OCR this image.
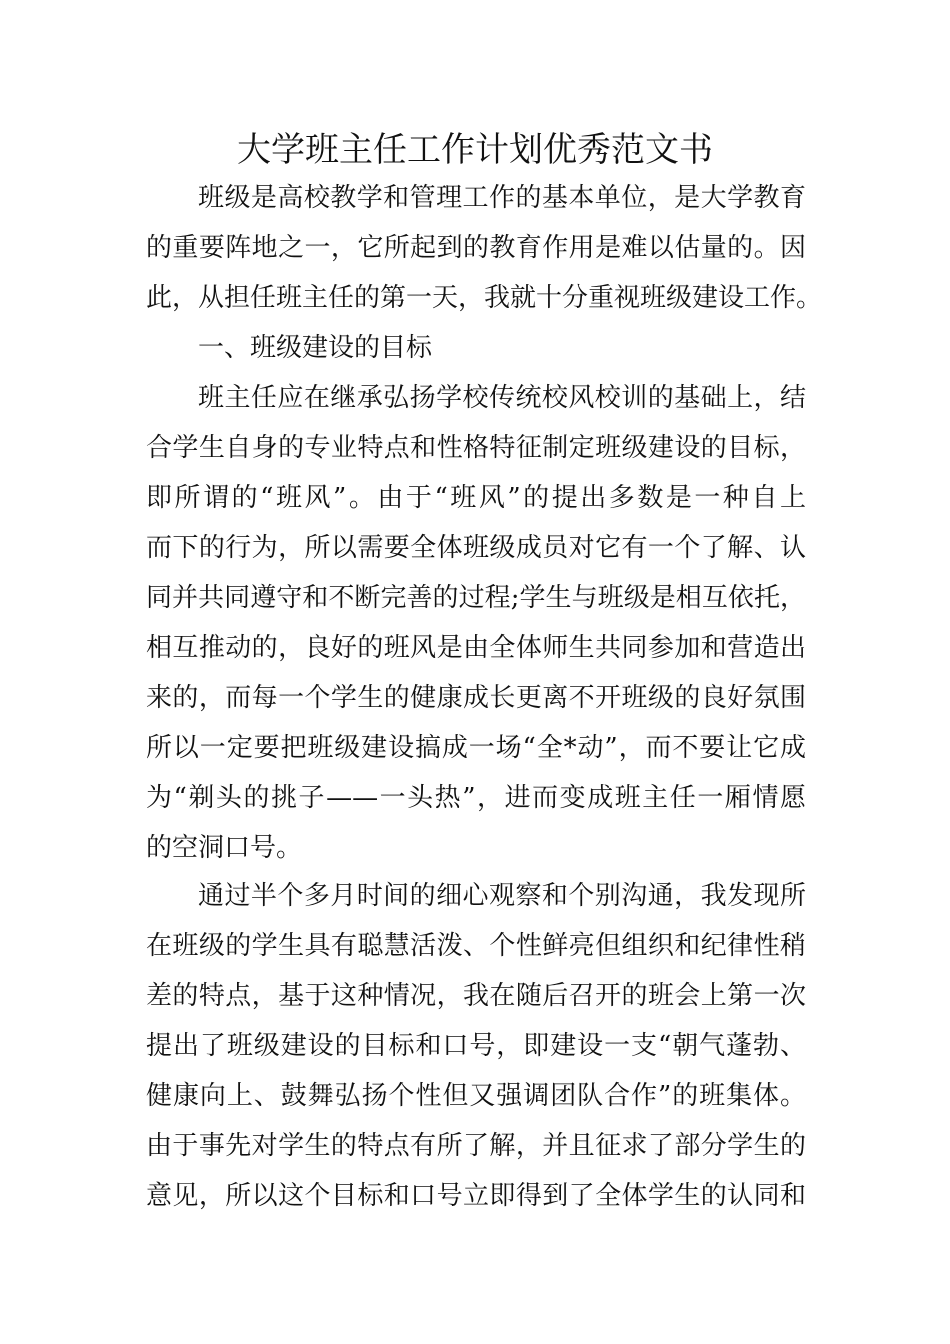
大学班主任工作计划优秀范文书
班级是高校教学和管理工作的基本单位，是大学教育
的重要阵地之一，它所起到的教育作用是难以估量的。因
此，从担任班主任的第一天，我就十分重视班级建设工作。
一、班级建设的目标
班主任应在继承弘扬学校传统校风校训的基础上，结
合学生自身的专业特点和性格特征制定班级建设的目标，
即所谓的“班风”。由于“班风”的提出多数是一种自上
而下的行为，所以需要全体班级成员对它有一个了解、认
同并共同遵守和不断完善的过程;学生与班级是相互依托，
相互推动的，良好的班风是由全体师生共同参加和营造出
来的，而每一个学生的健康成长更离不开班级的良好氛围
所以一定要把班级建设搞成一场“全*动”，而不要让它成
为“剃头的挑子——一头热”，进而变成班主任一厢情愿
的空洞口号。
通过半个多月时间的细心观察和个别沟通，我发现所
在班级的学生具有聪慧活泼、个性鲜亮但组织和纪律性稍
差的特点，基于这种情况，我在随后召开的班会上第一次
提出了班级建设的目标和口号，即建设一支“朝气蓬勃、
健康向上、鼓舞弘扬个性但又强调团队合作”的班集体。
由于事先对学生的特点有所了解，并且征求了部分学生的
意见，所以这个目标和口号立即得到了全体学生的认同和
